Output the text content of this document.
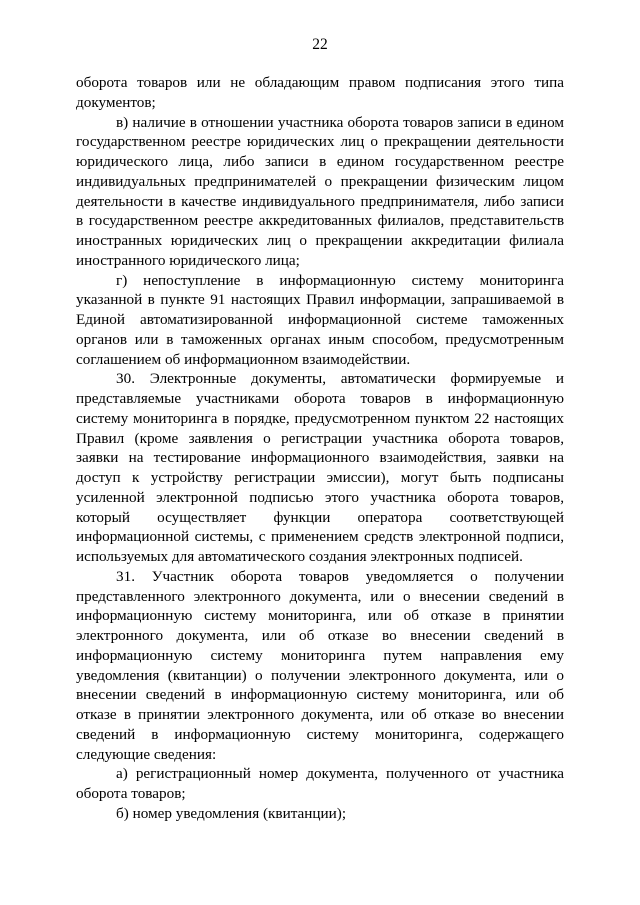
22

оборота товаров или не обладающим правом подписания этого типа документов;

в) наличие в отношении участника оборота товаров записи в едином государственном реестре юридических лиц о прекращении деятельности юридического лица, либо записи в едином государственном реестре индивидуальных предпринимателей о прекращении физическим лицом деятельности в качестве индивидуального предпринимателя, либо записи в государственном реестре аккредитованных филиалов, представительств иностранных юридических лиц о прекращении аккредитации филиала иностранного юридического лица;

г) непоступление в информационную систему мониторинга указанной в пункте 91 настоящих Правил информации, запрашиваемой в Единой автоматизированной информационной системе таможенных органов или в таможенных органах иным способом, предусмотренным соглашением об информационном взаимодействии.

30. Электронные документы, автоматически формируемые и представляемые участниками оборота товаров в информационную систему мониторинга в порядке, предусмотренном пунктом 22 настоящих Правил (кроме заявления о регистрации участника оборота товаров, заявки на тестирование информационного взаимодействия, заявки на доступ к устройству регистрации эмиссии), могут быть подписаны усиленной электронной подписью этого участника оборота товаров, который осуществляет функции оператора соответствующей информационной системы, с применением средств электронной подписи, используемых для автоматического создания электронных подписей.

31. Участник оборота товаров уведомляется о получении представленного электронного документа, или о внесении сведений в информационную систему мониторинга, или об отказе в принятии электронного документа, или об отказе во внесении сведений в информационную систему мониторинга путем направления ему уведомления (квитанции) о получении электронного документа, или о внесении сведений в информационную систему мониторинга, или об отказе в принятии электронного документа, или об отказе во внесении сведений в информационную систему мониторинга, содержащего следующие сведения:

а) регистрационный номер документа, полученного от участника оборота товаров;

б) номер уведомления (квитанции);
